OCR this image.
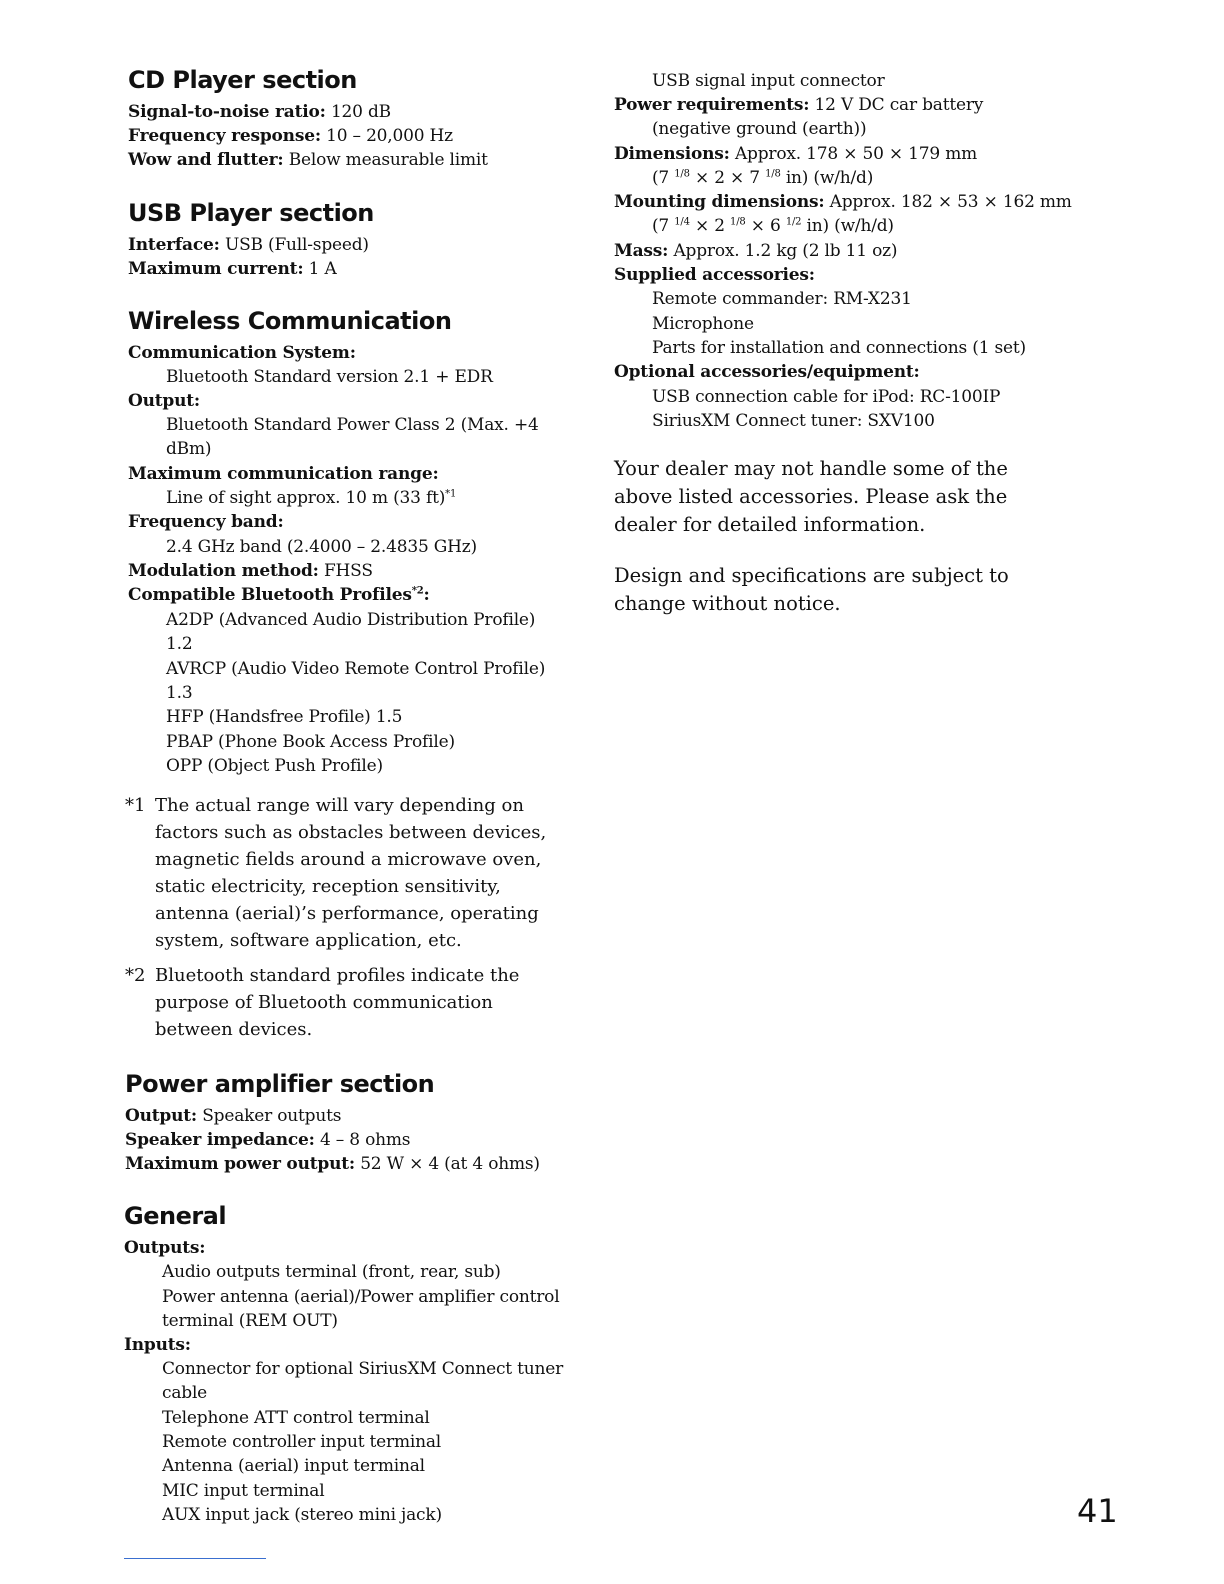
CD Player section

Signal-to-noise ratio: 120 dB

Frequency response: 10 – 20,000 Hz

Wow and flutter: Below measurable limit

USB Player section

Interface: USB (Full-speed)

Maximum current: 1 A

Wireless Communication

Communication System:

Bluetooth Standard version 2.1 + EDR

Output:

Bluetooth Standard Power Class 2 (Max. +4

dBm)

Maximum communication range:

Line of sight approx. 10 m (33 ft)$^{*1}$

Frequency band:

2.4 GHz band (2.4000 – 2.4835 GHz)

Modulation method: FHSS

Compatible Bluetooth Profiles$^{*2}$:

A2DP (Advanced Audio Distribution Profile)

1.2

AVRCP (Audio Video Remote Control Profile)

1.3

HFP (Handsfree Profile) 1.5

PBAP (Phone Book Access Profile)

OPP (Object Push Profile)

*1 The actual range will vary depending on factors such as obstacles between devices, magnetic fields around a microwave oven, static electricity, reception sensitivity, antenna (aerial)’s performance, operating system, software application, etc.
*2 Bluetooth standard profiles indicate the purpose of Bluetooth communication between devices.
Power amplifier section

Output: Speaker outputs

Speaker impedance: 4 – 8 ohms

Maximum power output: 52 W × 4 (at 4 ohms)

General

Outputs:

Audio outputs terminal (front, rear, sub)

Power antenna (aerial)/Power amplifier control

terminal (REM OUT)

Inputs:

Connector for optional SiriusXM Connect tuner

cable

Telephone ATT control terminal

Remote controller input terminal

Antenna (aerial) input terminal

MIC input terminal

AUX input jack (stereo mini jack)

USB signal input connector

Power requirements: 12 V DC car battery

(negative ground (earth))

Dimensions: Approx. 178 × 50 × 179 mm

(7 $^{1/8}$ × 2 × 7 $^{1/8}$ in) (w/h/d)

Mounting dimensions: Approx. 182 × 53 × 162 mm

(7 $^{1/4}$ × 2 $^{1/8}$ × 6 $^{1/2}$ in) (w/h/d)

Mass: Approx. 1.2 kg (2 lb 11 oz)

Supplied accessories:

Remote commander: RM-X231

Microphone

Parts for installation and connections (1 set)

Optional accessories/equipment:

USB connection cable for iPod: RC-100IP

SiriusXM Connect tuner: SXV100

Your dealer may not handle some of the above listed accessories. Please ask the dealer for detailed information.

Design and specifications are subject to change without notice.

41
